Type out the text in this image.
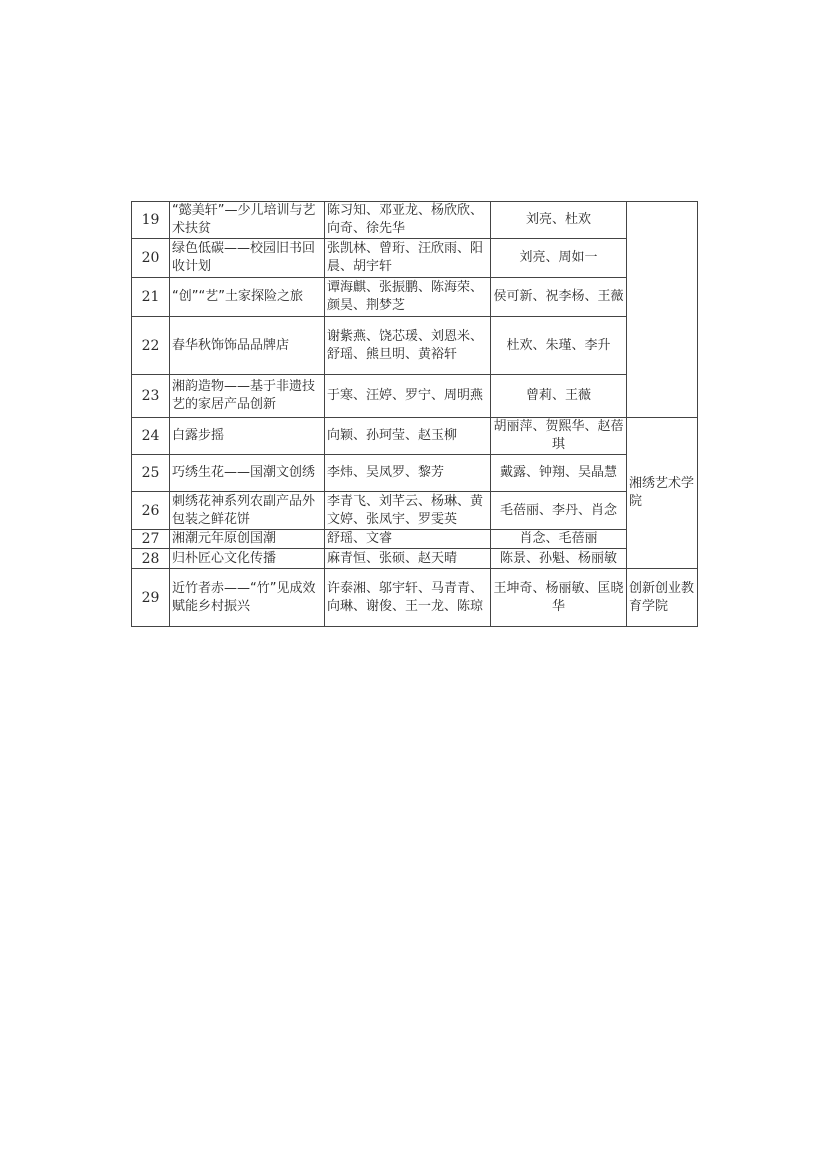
19	“懿美轩”—少儿培训与艺术扶贫	陈习知、邓亚龙、杨欣欣、向奇、徐先华	刘亮、杜欢	
20	绿色低碳——校园旧书回收计划	张凯林、曾珩、汪欣雨、阳晨、胡宇轩	刘亮、周如一	
21	“创”“艺”土家探险之旅	谭海麒、张振鹏、陈海荣、颜昊、荆梦芝	侯可新、祝李杨、王薇	
22	春华秋饰饰品品牌店	谢紫燕、饶芯瑗、刘恩米、舒瑶、熊旦明、黄裕轩	杜欢、朱瑾、李升	
23	湘韵造物——基于非遗技艺的家居产品创新	于寒、汪婷、罗宁、周明燕	曾莉、王薇	
24	白露步摇	向颖、孙珂莹、赵玉柳	胡丽萍、贺熙华、赵蓓琪	湘绣艺术学院
25	巧绣生花——国潮文创绣	李炜、吴凤罗、黎芳	戴露、钟翔、吴晶慧	
26	刺绣花神系列农副产品外包装之鲜花饼	李青飞、刘芊云、杨琳、黄文婷、张凤宇、罗雯英	毛蓓丽、李丹、肖念	
27	湘潮元年原创国潮	舒瑶、文睿	肖念、毛蓓丽	
28	归朴匠心文化传播	麻青恒、张硕、赵天晴	陈景、孙魁、杨丽敏	
29	近竹者赤——“竹”见成效赋能乡村振兴	许泰湘、邬宇轩、马青青、向琳、谢俊、王一龙、陈琼	王坤奇、杨丽敏、匡晓华	创新创业教育学院
